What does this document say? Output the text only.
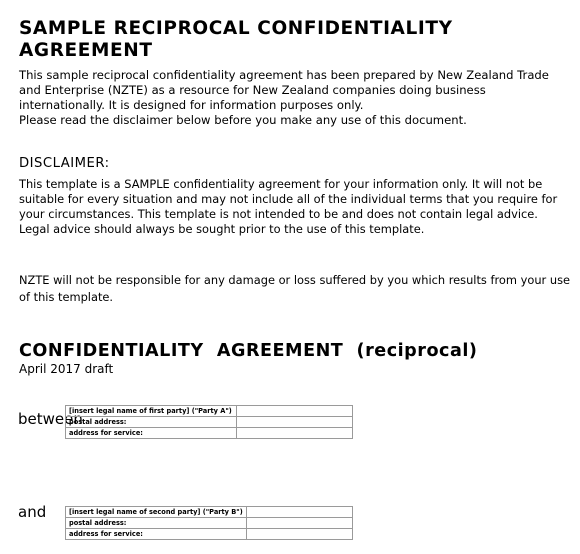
SAMPLE RECIPROCAL CONFIDENTIALITY AGREEMENT

This sample reciprocal confidentiality agreement has been prepared by New Zealand Trade and Enterprise (NZTE) as a resource for New Zealand companies doing business internationally. It is designed for information purposes only.

Please read the disclaimer below before you make any use of this document.

DISCLAIMER:
This template is a SAMPLE confidentiality agreement for your information only. It will not be suitable for every situation and may not include all of the individual terms that you require for your circumstances. This template is not intended to be and does not contain legal advice. Legal advice should always be sought prior to the use of this template.
NZTE will not be responsible for any damage or loss suffered by you which results from your use of this template.
CONFIDENTIALITY  AGREEMENT  (reciprocal)
April 2017 draft
between
[insert legal name of first party] ("Party A")	
postal address:	
address for service:	
and	[insert legal name of second party] ("Party B")	
postal address:	
address for service:	
